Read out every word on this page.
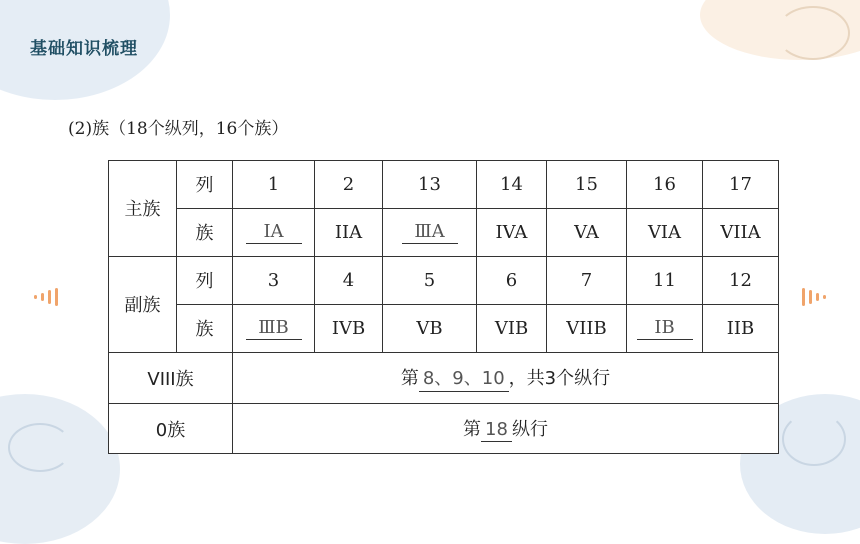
基础知识梳理
(2)族（18个纵列，16个族）
主族	列	1	2	13	14	15	16	17
	族	ⅠA	IIA	ⅢA	IVA	VA	VIA	VIIA
副族	列	3	4	5	6	7	11	12
	族	ⅢB	IVB	VB	VIB	VIIB	ⅠB	IIB
VIII族		第 8、9、10 ，共3个纵行						
0族		第 18 纵行						
